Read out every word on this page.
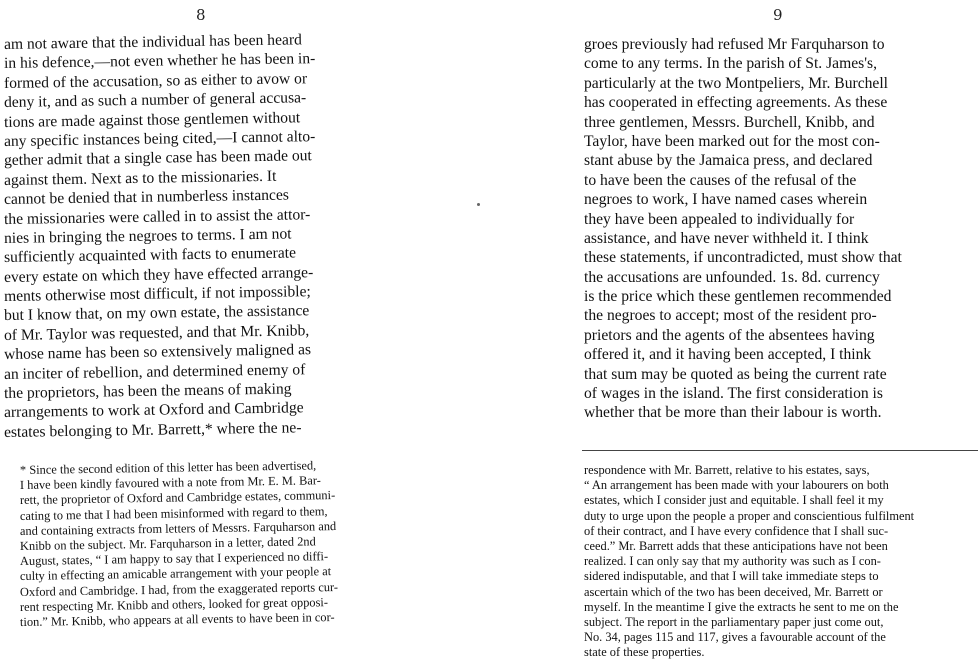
8
am not aware that the individual has been heard
in his defence,—not even whether he has been in-
formed of the accusation, so as either to avow or
deny it, and as such a number of general accusa-
tions are made against those gentlemen without
any specific instances being cited,—I cannot alto-
gether admit that a single case has been made out
against them. Next as to the missionaries. It
cannot be denied that in numberless instances
the missionaries were called in to assist the attor-
nies in bringing the negroes to terms. I am not
sufficiently acquainted with facts to enumerate
every estate on which they have effected arrange-
ments otherwise most difficult, if not impossible;
but I know that, on my own estate, the assistance
of Mr. Taylor was requested, and that Mr. Knibb,
whose name has been so extensively maligned as
an inciter of rebellion, and determined enemy of
the proprietors, has been the means of making
arrangements to work at Oxford and Cambridge
estates belonging to Mr. Barrett,* where the ne-
* Since the second edition of this letter has been advertised,
I have been kindly favoured with a note from Mr. E. M. Bar-
rett, the proprietor of Oxford and Cambridge estates, communi-
cating to me that I had been misinformed with regard to them,
and containing extracts from letters of Messrs. Farquharson and
Knibb on the subject. Mr. Farquharson in a letter, dated 2nd
August, states, “ I am happy to say that I experienced no diffi-
culty in effecting an amicable arrangement with your people at
Oxford and Cambridge. I had, from the exaggerated reports cur-
rent respecting Mr. Knibb and others, looked for great opposi-
tion.” Mr. Knibb, who appears at all events to have been in cor-
9
groes previously had refused Mr Farquharson to
come to any terms. In the parish of St. James's,
particularly at the two Montpeliers, Mr. Burchell
has cooperated in effecting agreements. As these
three gentlemen, Messrs. Burchell, Knibb, and
Taylor, have been marked out for the most con-
stant abuse by the Jamaica press, and declared
to have been the causes of the refusal of the
negroes to work, I have named cases wherein
they have been appealed to individually for
assistance, and have never withheld it. I think
these statements, if uncontradicted, must show that
the accusations are unfounded. 1s. 8d. currency
is the price which these gentlemen recommended
the negroes to accept; most of the resident pro-
prietors and the agents of the absentees having
offered it, and it having been accepted, I think
that sum may be quoted as being the current rate
of wages in the island. The first consideration is
whether that be more than their labour is worth.
respondence with Mr. Barrett, relative to his estates, says,
“ An arrangement has been made with your labourers on both
estates, which I consider just and equitable. I shall feel it my
duty to urge upon the people a proper and conscientious fulfilment
of their contract, and I have every confidence that I shall suc-
ceed.” Mr. Barrett adds that these anticipations have not been
realized. I can only say that my authority was such as I con-
sidered indisputable, and that I will take immediate steps to
ascertain which of the two has been deceived, Mr. Barrett or
myself. In the meantime I give the extracts he sent to me on the
subject. The report in the parliamentary paper just come out,
No. 34, pages 115 and 117, gives a favourable account of the
state of these properties.
